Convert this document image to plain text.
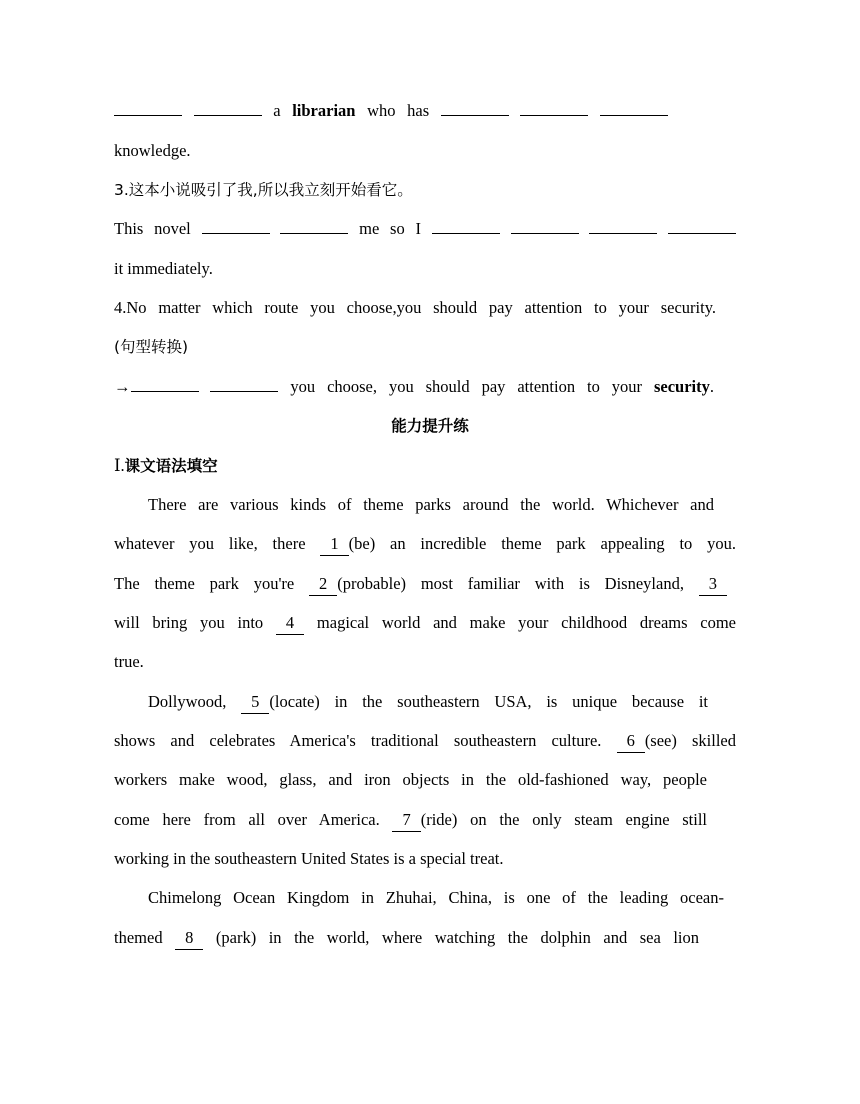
a librarian who has
knowledge.
3.这本小说吸引了我,所以我立刻开始看它。
This novel	me so I
it immediately.
4.No matter which route you choose,you should pay attention to your security.
(句型转换)
→	you choose, you should pay attention to your security.
能力提升练
Ⅰ.课文语法填空
There are various kinds of theme parks around the world. Whichever and
whatever you like, there 1 (be) an incredible theme park appealing to you.
The theme park you're 2 (probable) most familiar with is Disneyland, 3
will bring you into 4 magical world and make your childhood dreams come
true.
Dollywood, 5 (locate) in the southeastern USA, is unique because it
shows and celebrates America's traditional southeastern culture. 6 (see) skilled
workers make wood, glass, and iron objects in the old-fashioned way, people
come here from all over America. 7 (ride) on the only steam engine still
working in the southeastern United States is a special treat.
Chimelong Ocean Kingdom in Zhuhai, China, is one of the leading ocean-
themed 8 (park) in the world, where watching the dolphin and sea lion
